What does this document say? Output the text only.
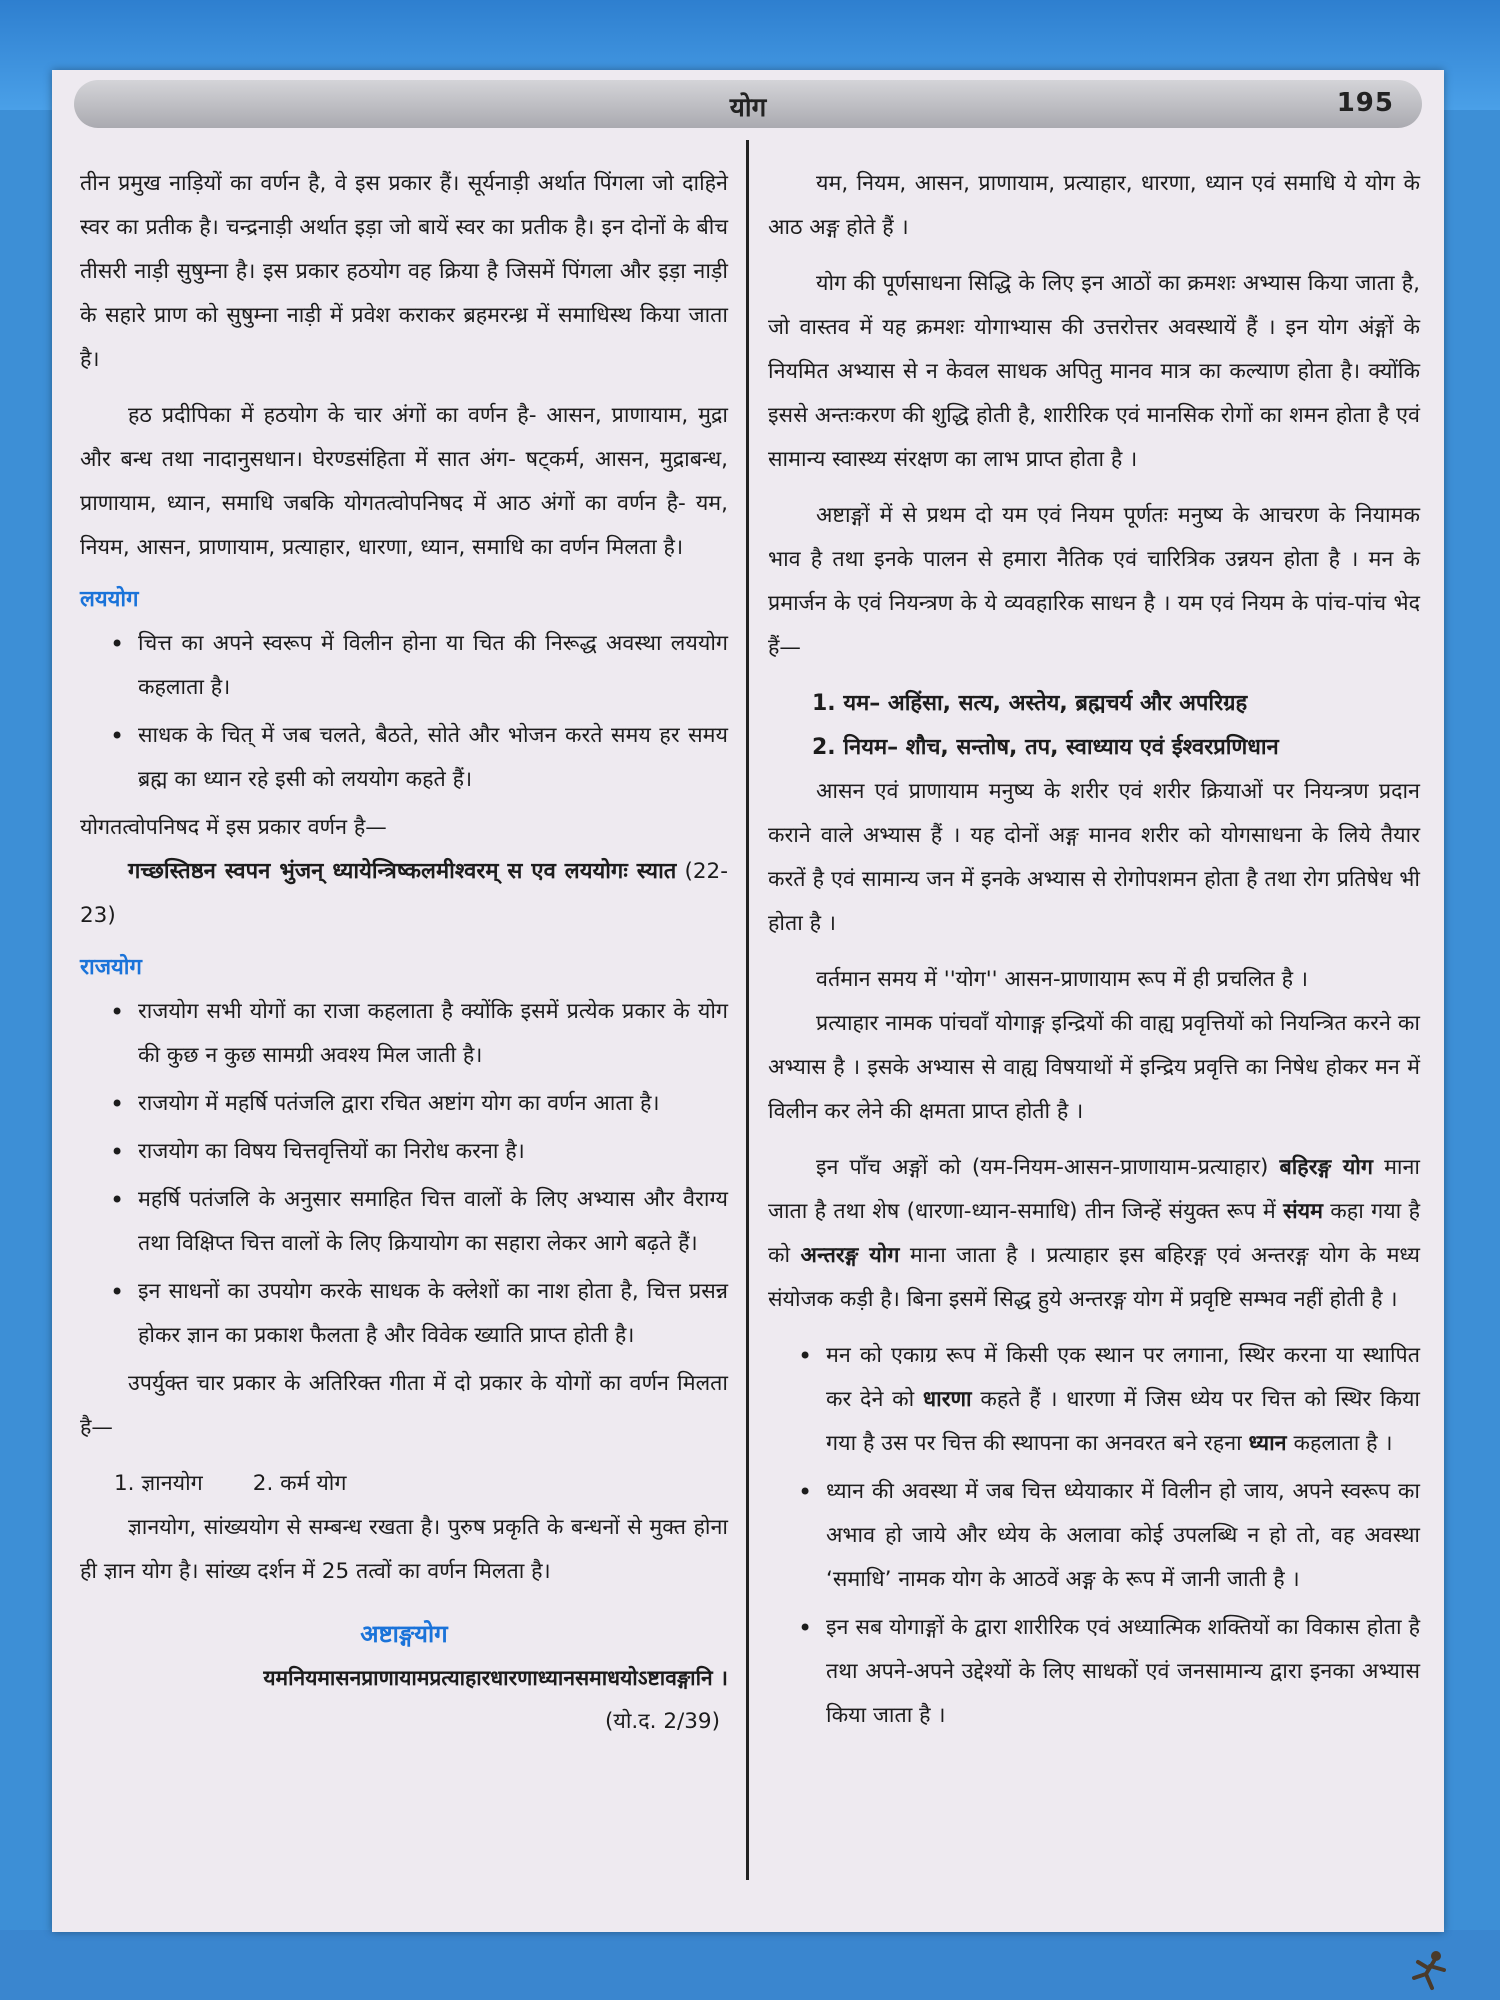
योग	195

तीन प्रमुख नाड़ियों का वर्णन है, वे इस प्रकार हैं। सूर्यनाड़ी अर्थात पिंगला जो दाहिने स्वर का प्रतीक है। चन्द्रनाड़ी अर्थात इड़ा जो बायें स्वर का प्रतीक है। इन दोनों के बीच तीसरी नाड़ी सुषुम्ना है। इस प्रकार हठयोग वह क्रिया है जिसमें पिंगला और इड़ा नाड़ी के सहारे प्राण को सुषुम्ना नाड़ी में प्रवेश कराकर ब्रहमरन्ध्र में समाधिस्थ किया जाता है।

हठ प्रदीपिका में हठयोग के चार अंगों का वर्णन है- आसन, प्राणायाम, मुद्रा और बन्ध तथा नादानुसधान। घेरण्डसंहिता में सात अंग- षट्कर्म, आसन, मुद्राबन्ध, प्राणायाम, ध्यान, समाधि जबकि योगतत्वोपनिषद में आठ अंगों का वर्णन है- यम, नियम, आसन, प्राणायाम, प्रत्याहार, धारणा, ध्यान, समाधि का वर्णन मिलता है।

लययोग
• चित्त का अपने स्वरूप में विलीन होना या चित की निरूद्ध अवस्था लययोग कहलाता है।
• साधक के चित् में जब चलते, बैठते, सोते और भोजन करते समय हर समय ब्रह्म का ध्यान रहे इसी को लययोग कहते हैं।

योगतत्वोपनिषद में इस प्रकार वर्णन है—

गच्छस्तिष्ठन स्वपन भुंजन् ध्यायेन्त्रिष्कलमीश्वरम् स एव लययोगः स्यात (22-23)

राजयोग
• राजयोग सभी योगों का राजा कहलाता है क्योंकि इसमें प्रत्येक प्रकार के योग की कुछ न कुछ सामग्री अवश्य मिल जाती है।
• राजयोग में महर्षि पतंजलि द्वारा रचित अष्टांग योग का वर्णन आता है।
• राजयोग का विषय चित्तवृत्तियों का निरोध करना है।
• महर्षि पतंजलि के अनुसार समाहित चित्त वालों के लिए अभ्यास और वैराग्य तथा विक्षिप्त चित्त वालों के लिए क्रियायोग का सहारा लेकर आगे बढ़ते हैं।
• इन साधनों का उपयोग करके साधक के क्लेशों का नाश होता है, चित्त प्रसन्न होकर ज्ञान का प्रकाश फैलता है और विवेक ख्याति प्राप्त होती है।

उपर्युक्त चार प्रकार के अतिरिक्त गीता में दो प्रकार के योगों का वर्णन मिलता है—

1. ज्ञानयोग 2. कर्म योग

ज्ञानयोग, सांख्ययोग से सम्बन्ध रखता है। पुरुष प्रकृति के बन्धनों से मुक्त होना ही ज्ञान योग है। सांख्य दर्शन में 25 तत्वों का वर्णन मिलता है।

अष्टाङ्गयोग

यमनियमासनप्राणायामप्रत्याहारधारणाध्यानसमाधयोऽष्टावङ्गानि ।

(यो.द. 2/39)

यम, नियम, आसन, प्राणायाम, प्रत्याहार, धारणा, ध्यान एवं समाधि ये योग के आठ अङ्ग होते हैं ।

योग की पूर्णसाधना सिद्धि के लिए इन आठों का क्रमशः अभ्यास किया जाता है, जो वास्तव में यह क्रमशः योगाभ्यास की उत्तरोत्तर अवस्थायें हैं । इन योग अंङ्गों के नियमित अभ्यास से न केवल साधक अपितु मानव मात्र का कल्याण होता है। क्योंकि इससे अन्तःकरण की शुद्धि होती है, शारीरिक एवं मानसिक रोगों का शमन होता है एवं सामान्य स्वास्थ्य संरक्षण का लाभ प्राप्त होता है ।

अष्टाङ्गों में से प्रथम दो यम एवं नियम पूर्णतः मनुष्य के आचरण के नियामक भाव है तथा इनके पालन से हमारा नैतिक एवं चारित्रिक उन्नयन होता है । मन के प्रमार्जन के एवं नियन्त्रण के ये व्यवहारिक साधन है । यम एवं नियम के पांच-पांच भेद हैं—

1. यम– अहिंसा, सत्य, अस्तेय, ब्रह्मचर्य और अपरिग्रह

2. नियम– शौच, सन्तोष, तप, स्वाध्याय एवं ईश्वरप्रणिधान

आसन एवं प्राणायाम मनुष्य के शरीर एवं शरीर क्रियाओं पर नियन्त्रण प्रदान कराने वाले अभ्यास हैं । यह दोनों अङ्ग मानव शरीर को योगसाधना के लिये तैयार करतें है एवं सामान्य जन में इनके अभ्यास से रोगोपशमन होता है तथा रोग प्रतिषेध भी होता है ।

वर्तमान समय में ''योग'' आसन-प्राणायाम रूप में ही प्रचलित है ।

प्रत्याहार नामक पांचवाँ योगाङ्ग इन्द्रियों की वाह्य प्रवृत्तियों को नियन्त्रित करने का अभ्यास है । इसके अभ्यास से वाह्य विषयाथों में इन्द्रिय प्रवृत्ति का निषेध होकर मन में विलीन कर लेने की क्षमता प्राप्त होती है ।

इन पाँच अङ्गों को (यम-नियम-आसन-प्राणायाम-प्रत्याहार) बहिरङ्ग योग माना जाता है तथा शेष (धारणा-ध्यान-समाधि) तीन जिन्हें संयुक्त रूप में संयम कहा गया है को अन्तरङ्ग योग माना जाता है । प्रत्याहार इस बहिरङ्ग एवं अन्तरङ्ग योग के मध्य संयोजक कड़ी है। बिना इसमें सिद्ध हुये अन्तरङ्ग योग में प्रवृष्टि सम्भव नहीं होती है ।

• मन को एकाग्र रूप में किसी एक स्थान पर लगाना, स्थिर करना या स्थापित कर देने को धारणा कहते हैं । धारणा में जिस ध्येय पर चित्त को स्थिर किया गया है उस पर चित्त की स्थापना का अनवरत बने रहना ध्यान कहलाता है ।
• ध्यान की अवस्था में जब चित्त ध्येयाकार में विलीन हो जाय, अपने स्वरूप का अभाव हो जाये और ध्येय के अलावा कोई उपलब्धि न हो तो, वह अवस्था ‘समाधि’ नामक योग के आठवें अङ्ग के रूप में जानी जाती है ।
• इन सब योगाङ्गों के द्वारा शारीरिक एवं अध्यात्मिक शक्तियों का विकास होता है तथा अपने-अपने उद्देश्यों के लिए साधकों एवं जनसामान्य द्वारा इनका अभ्यास किया जाता है ।
